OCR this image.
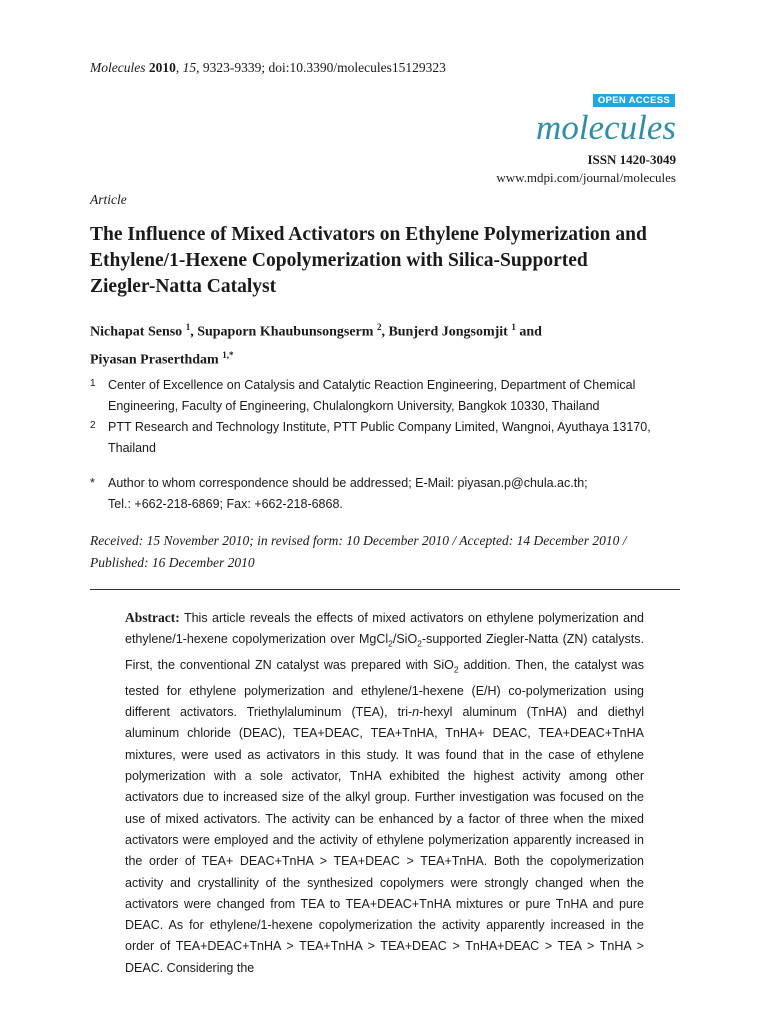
Molecules 2010, 15, 9323-9339; doi:10.3390/molecules15129323
OPEN ACCESS
molecules
ISSN 1420-3049
www.mdpi.com/journal/molecules
Article
The Influence of Mixed Activators on Ethylene Polymerization and
Ethylene/1-Hexene Copolymerization with Silica-Supported
Ziegler-Natta Catalyst
Nichapat Senso $^1$, Supaporn Khaubunsongserm $^2$, Bunjerd Jongsomjit $^1$ and
Piyasan Praserthdam $^{1,*}$
1 Center of Excellence on Catalysis and Catalytic Reaction Engineering, Department of Chemical Engineering, Faculty of Engineering, Chulalongkorn University, Bangkok 10330, Thailand
2 PTT Research and Technology Institute, PTT Public Company Limited, Wangnoi, Ayuthaya 13170, Thailand
* Author to whom correspondence should be addressed; E-Mail: piyasan.p@chula.ac.th;
Tel.: +662-218-6869; Fax: +662-218-6868.
Received: 15 November 2010; in revised form: 10 December 2010 / Accepted: 14 December 2010 /
Published: 16 December 2010
Abstract: This article reveals the effects of mixed activators on ethylene polymerization and ethylene/1-hexene copolymerization over MgCl$_2$/SiO$_2$-supported Ziegler-Natta (ZN) catalysts. First, the conventional ZN catalyst was prepared with SiO$_2$ addition. Then, the catalyst was tested for ethylene polymerization and ethylene/1-hexene (E/H) co-polymerization using different activators. Triethylaluminum (TEA), tri-n-hexyl aluminum (TnHA) and diethyl aluminum chloride (DEAC), TEA+DEAC, TEA+TnHA, TnHA+ DEAC, TEA+DEAC+TnHA mixtures, were used as activators in this study. It was found that in the case of ethylene polymerization with a sole activator, TnHA exhibited the highest activity among other activators due to increased size of the alkyl group. Further investigation was focused on the use of mixed activators. The activity can be enhanced by a factor of three when the mixed activators were employed and the activity of ethylene polymerization apparently increased in the order of TEA+ DEAC+TnHA > TEA+DEAC > TEA+TnHA. Both the copolymerization activity and crystallinity of the synthesized copolymers were strongly changed when the activators were changed from TEA to TEA+DEAC+TnHA mixtures or pure TnHA and pure DEAC. As for ethylene/1-hexene copolymerization the activity apparently increased in the order of TEA+DEAC+TnHA > TEA+TnHA > TEA+DEAC > TnHA+DEAC > TEA > TnHA > DEAC. Considering the
